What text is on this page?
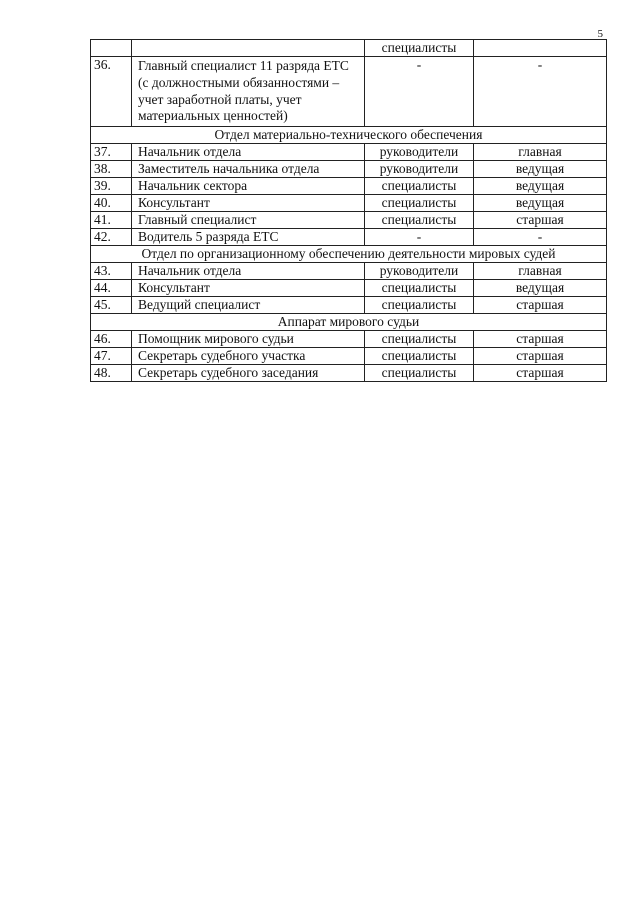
5
		специалисты	
36.	Главный специалист 11 разряда ЕТС (с должностными обязанностями – учет заработной платы, учет материальных ценностей)	-	-
Отдел материально-технического обеспечения			
37.	Начальник отдела	руководители	главная
38.	Заместитель начальника отдела	руководители	ведущая
39.	Начальник сектора	специалисты	ведущая
40.	Консультант	специалисты	ведущая
41.	Главный специалист	специалисты	старшая
42.	Водитель 5 разряда ЕТС	-	-
Отдел по организационному обеспечению деятельности мировых судей			
43.	Начальник отдела	руководители	главная
44.	Консультант	специалисты	ведущая
45.	Ведущий специалист	специалисты	старшая
Аппарат мирового судьи			
46.	Помощник мирового судьи	специалисты	старшая
47.	Секретарь судебного участка	специалисты	старшая
48.	Секретарь судебного заседания	специалисты	старшая
